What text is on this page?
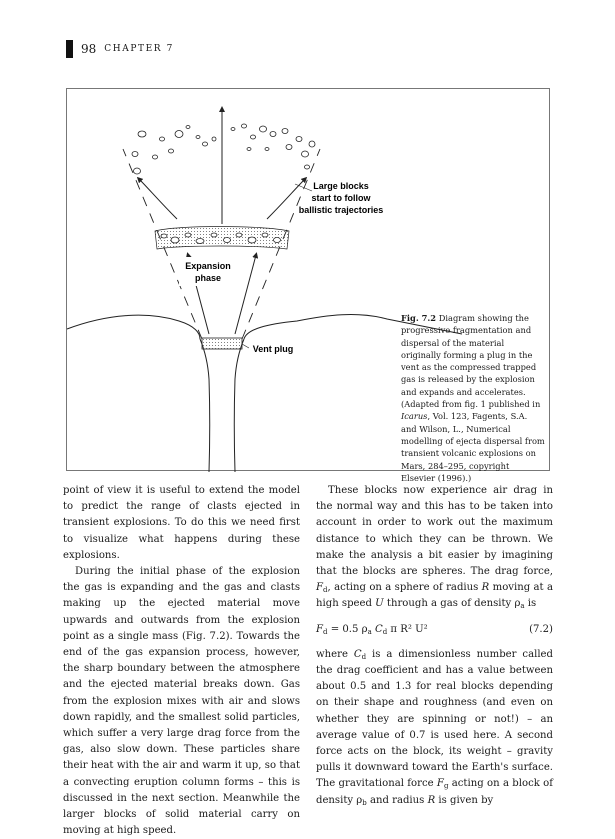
98 CHAPTER 7
Expansion
phase
Large blocks
start to follow
ballistic trajectories
Vent plug
Fig. 7.2 Diagram showing the progressive fragmentation and dispersal of the material originally forming a plug in the vent as the compressed trapped gas is released by the explosion and expands and accelerates. (Adapted from fig. 1 published in Icarus, Vol. 123, Fagents, S.A. and Wilson, L., Numerical modelling of ejecta dispersal from transient volcanic explosions on Mars, 284–295, copyright Elsevier (1996).)

point of view it is useful to extend the model to predict the range of clasts ejected in transient explosions. To do this we need first to visualize what happens during these explosions.

During the initial phase of the explosion the gas is expanding and the gas and clasts making up the ejected material move upwards and outwards from the explosion point as a single mass (Fig. 7.2). Towards the end of the gas expansion process, however, the sharp boundary between the atmosphere and the ejected material breaks down. Gas from the explosion mixes with air and slows down rapidly, and the smallest solid particles, which suffer a very large drag force from the gas, also slow down. These particles share their heat with the air and warm it up, so that a convecting eruption column forms – this is discussed in the next section. Meanwhile the larger blocks of solid material carry on moving at high speed.

These blocks now experience air drag in the normal way and this has to be taken into account in order to work out the maximum distance to which they can be thrown. We make the analysis a bit easier by imagining that the blocks are spheres. The drag force, $F_d$, acting on a sphere of radius R moving at a high speed U through a gas of density $\rho_a$ is

$F_d = 0.5$ $\rho_a$ $C_d$ π R² U²	(7.2)

where $C_d$ is a dimensionless number called the drag coefficient and has a value between about 0.5 and 1.3 for real blocks depending on their shape and roughness (and even on whether they are spinning or not!) – an average value of 0.7 is used here. A second force acts on the block, its weight – gravity pulls it downward toward the Earth's surface. The gravitational force $F_g$ acting on a block of density $\rho_b$ and radius R is given by
